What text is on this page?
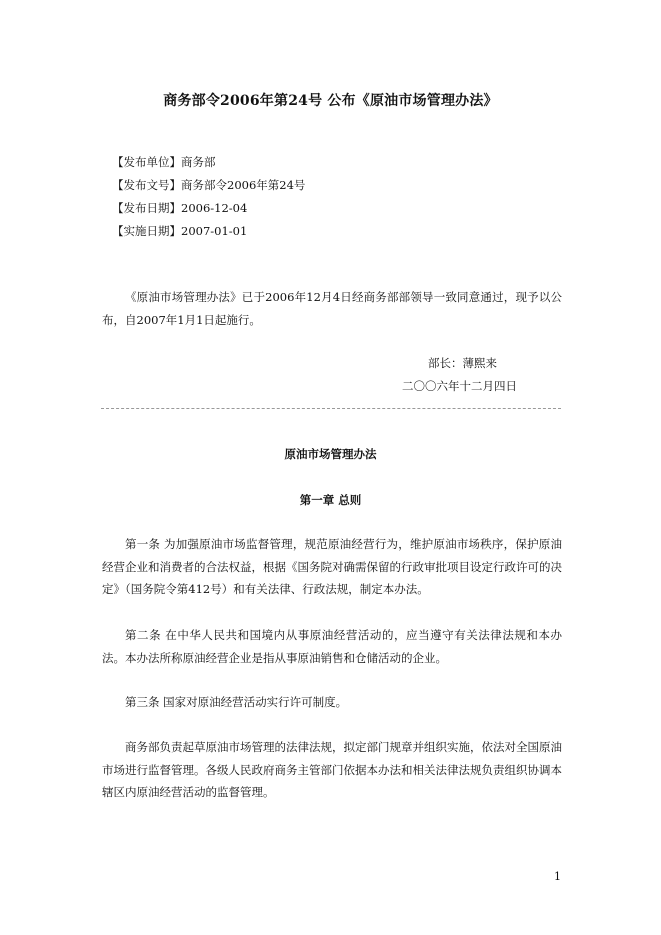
商务部令2006年第24号 公布《原油市场管理办法》
【发布单位】商务部
【发布文号】商务部令2006年第24号
【发布日期】2006-12-04
【实施日期】2007-01-01
《原油市场管理办法》已于2006年12月4日经商务部部领导一致同意通过，现予以公布，自2007年1月1日起施行。
部长：薄熙来
二〇〇六年十二月四日
原油市场管理办法
第一章 总则
第一条 为加强原油市场监督管理，规范原油经营行为，维护原油市场秩序，保护原油经营企业和消费者的合法权益，根据《国务院对确需保留的行政审批项目设定行政许可的决定》（国务院令第412号）和有关法律、行政法规，制定本办法。
第二条 在中华人民共和国境内从事原油经营活动的，应当遵守有关法律法规和本办法。本办法所称原油经营企业是指从事原油销售和仓储活动的企业。
第三条 国家对原油经营活动实行许可制度。
商务部负责起草原油市场管理的法律法规，拟定部门规章并组织实施，依法对全国原油市场进行监督管理。各级人民政府商务主管部门依据本办法和相关法律法规负责组织协调本辖区内原油经营活动的监督管理。
1
